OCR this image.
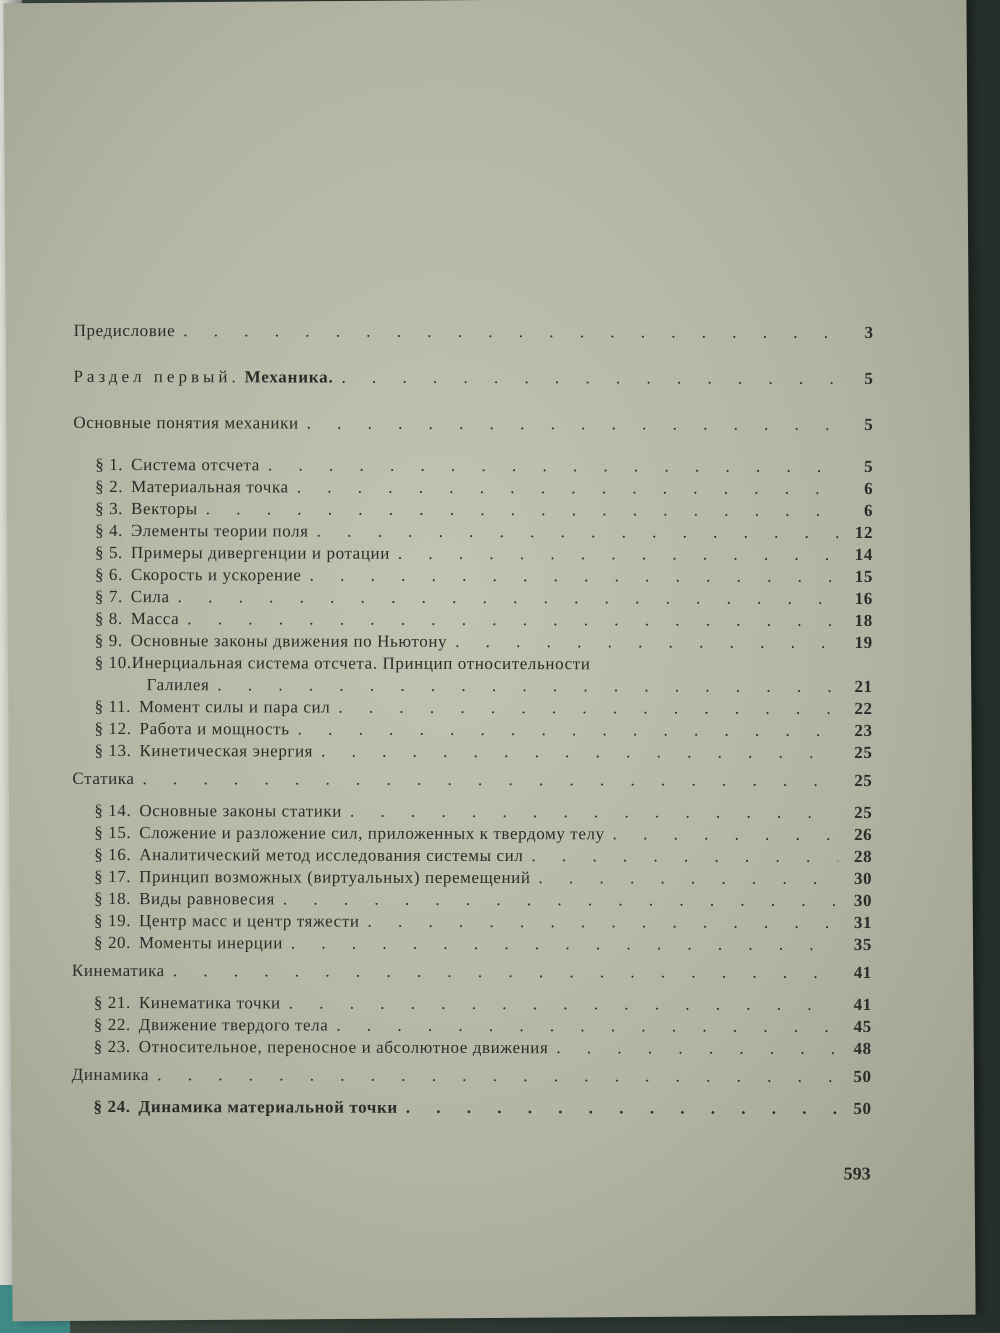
Предисловие . . .	3
Раздел первый. Механика. . . .	5
Основные понятия механики . . .	5
§ 1. Система отсчета . . .	5
§ 2. Материальная точка . . .	6
§ 3. Векторы . . .	6
§ 4. Элементы теории поля . . .	12
§ 5. Примеры дивергенции и ротации . . .	14
§ 6. Скорость и ускорение . . .	15
§ 7. Сила . . .	16
§ 8. Масса . . .	18
§ 9. Основные законы движения по Ньютону . . .	19
§ 10.Инерциальная система отсчета. Принцип относительности
Галилея . . .	21
§ 11. Момент силы и пара сил . . .	22
§ 12. Работа и мощность . . .	23
§ 13. Кинетическая энергия . . .	25
Статика . . .	25
§ 14. Основные законы статики . . .	25
§ 15. Сложение и разложение сил, приложенных к твердому телу . . .	26
§ 16. Аналитический метод исследования системы сил . . .	28
§ 17. Принцип возможных (виртуальных) перемещений . . .	30
§ 18. Виды равновесия . . .	30
§ 19. Центр масс и центр тяжести . . .	31
§ 20. Моменты инерции . . .	35
Кинематика . . .	41
§ 21. Кинематика точки . . .	41
§ 22. Движение твердого тела . . .	45
§ 23. Относительное, переносное и абсолютное движения . . .	48
Динамика . . .	50
§ 24. Динамика материальной точки . . .	50
593
